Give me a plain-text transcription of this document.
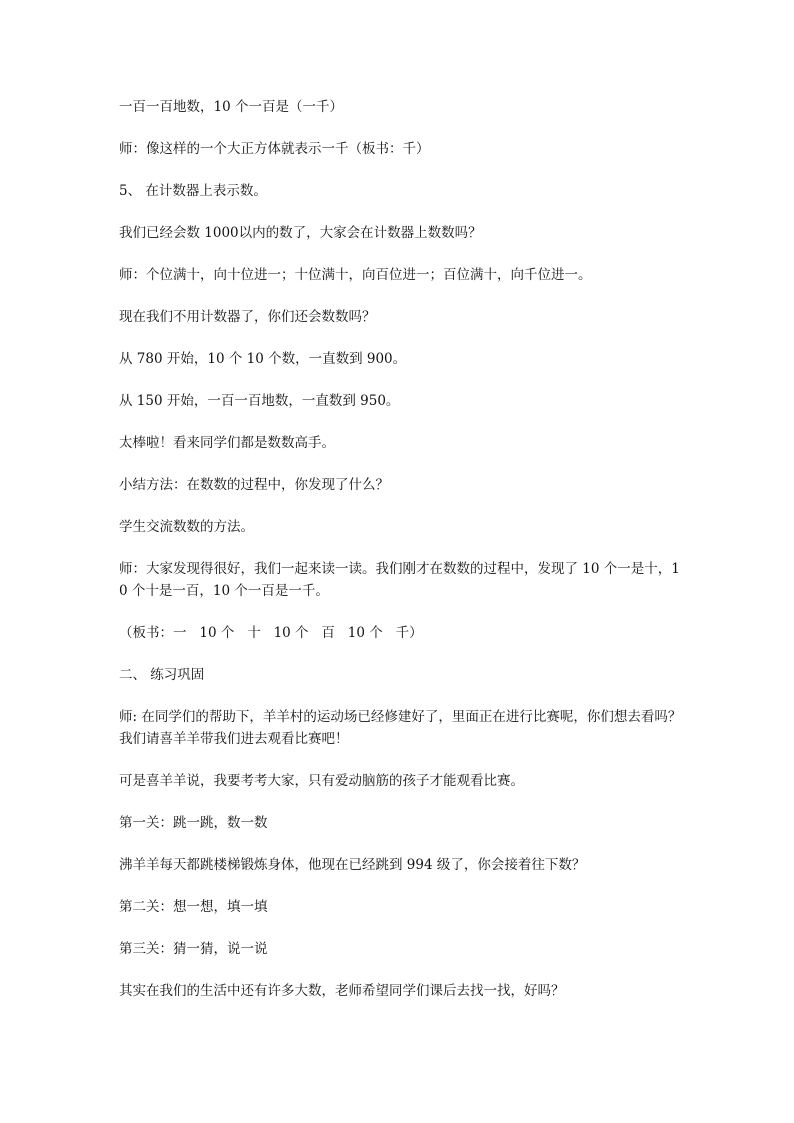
一百一百地数，10 个一百是（一千）

师：像这样的一个大正方体就表示一千（板书：千）

5、 在计数器上表示数。

我们已经会数 1000以内的数了，大家会在计数器上数数吗？

师：个位满十，向十位进一；十位满十，向百位进一；百位满十，向千位进一。

现在我们不用计数器了，你们还会数数吗？

从 780 开始，10 个 10 个数，一直数到 900。

从 150 开始，一百一百地数，一直数到 950。

太棒啦！看来同学们都是数数高手。

小结方法：在数数的过程中，你发现了什么？

学生交流数数的方法。

师：大家发现得很好，我们一起来读一读。我们刚才在数数的过程中，发现了 10 个一是十，10 个十是一百，10 个一百是一千。

（板书：一   10 个   十   10 个   百   10 个   千）

二、 练习巩固

师: 在同学们的帮助下，羊羊村的运动场已经修建好了，里面正在进行比赛呢，你们想去看吗？我们请喜羊羊带我们进去观看比赛吧！

可是喜羊羊说，我要考考大家，只有爱动脑筋的孩子才能观看比赛。

第一关：跳一跳，数一数

沸羊羊每天都跳楼梯锻炼身体，他现在已经跳到 994 级了，你会接着往下数？

第二关：想一想，填一填

第三关：猜一猜，说一说

其实在我们的生活中还有许多大数，老师希望同学们课后去找一找，好吗？
